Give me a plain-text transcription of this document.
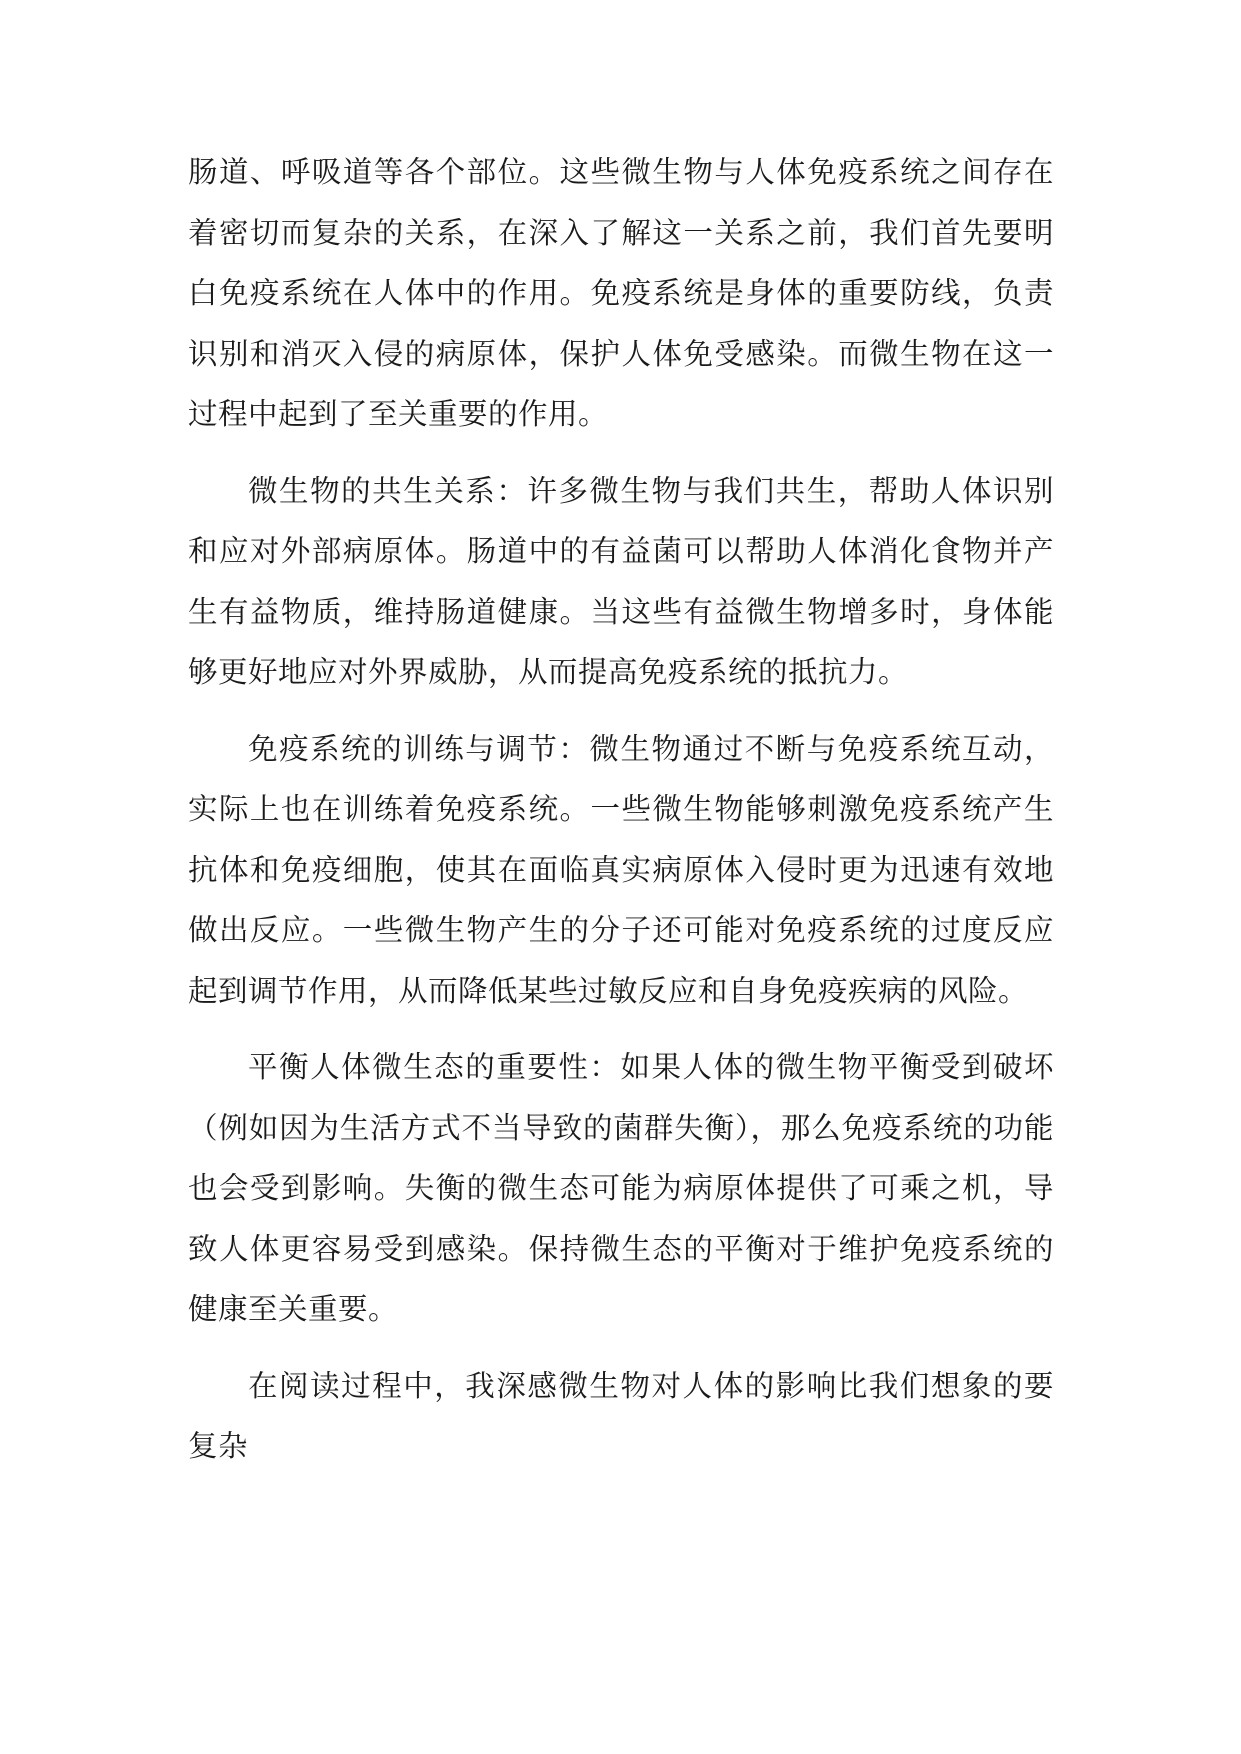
肠道、呼吸道等各个部位。这些微生物与人体免疫系统之间存在着密切而复杂的关系，在深入了解这一关系之前，我们首先要明白免疫系统在人体中的作用。免疫系统是身体的重要防线，负责识别和消灭入侵的病原体，保护人体免受感染。而微生物在这一过程中起到了至关重要的作用。

微生物的共生关系：许多微生物与我们共生，帮助人体识别和应对外部病原体。肠道中的有益菌可以帮助人体消化食物并产生有益物质，维持肠道健康。当这些有益微生物增多时，身体能够更好地应对外界威胁，从而提高免疫系统的抵抗力。

免疫系统的训练与调节：微生物通过不断与免疫系统互动，实际上也在训练着免疫系统。一些微生物能够刺激免疫系统产生抗体和免疫细胞，使其在面临真实病原体入侵时更为迅速有效地做出反应。一些微生物产生的分子还可能对免疫系统的过度反应起到调节作用，从而降低某些过敏反应和自身免疫疾病的风险。

平衡人体微生态的重要性：如果人体的微生物平衡受到破坏（例如因为生活方式不当导致的菌群失衡），那么免疫系统的功能也会受到影响。失衡的微生态可能为病原体提供了可乘之机，导致人体更容易受到感染。保持微生态的平衡对于维护免疫系统的健康至关重要。

在阅读过程中，我深感微生物对人体的影响比我们想象的要复杂
